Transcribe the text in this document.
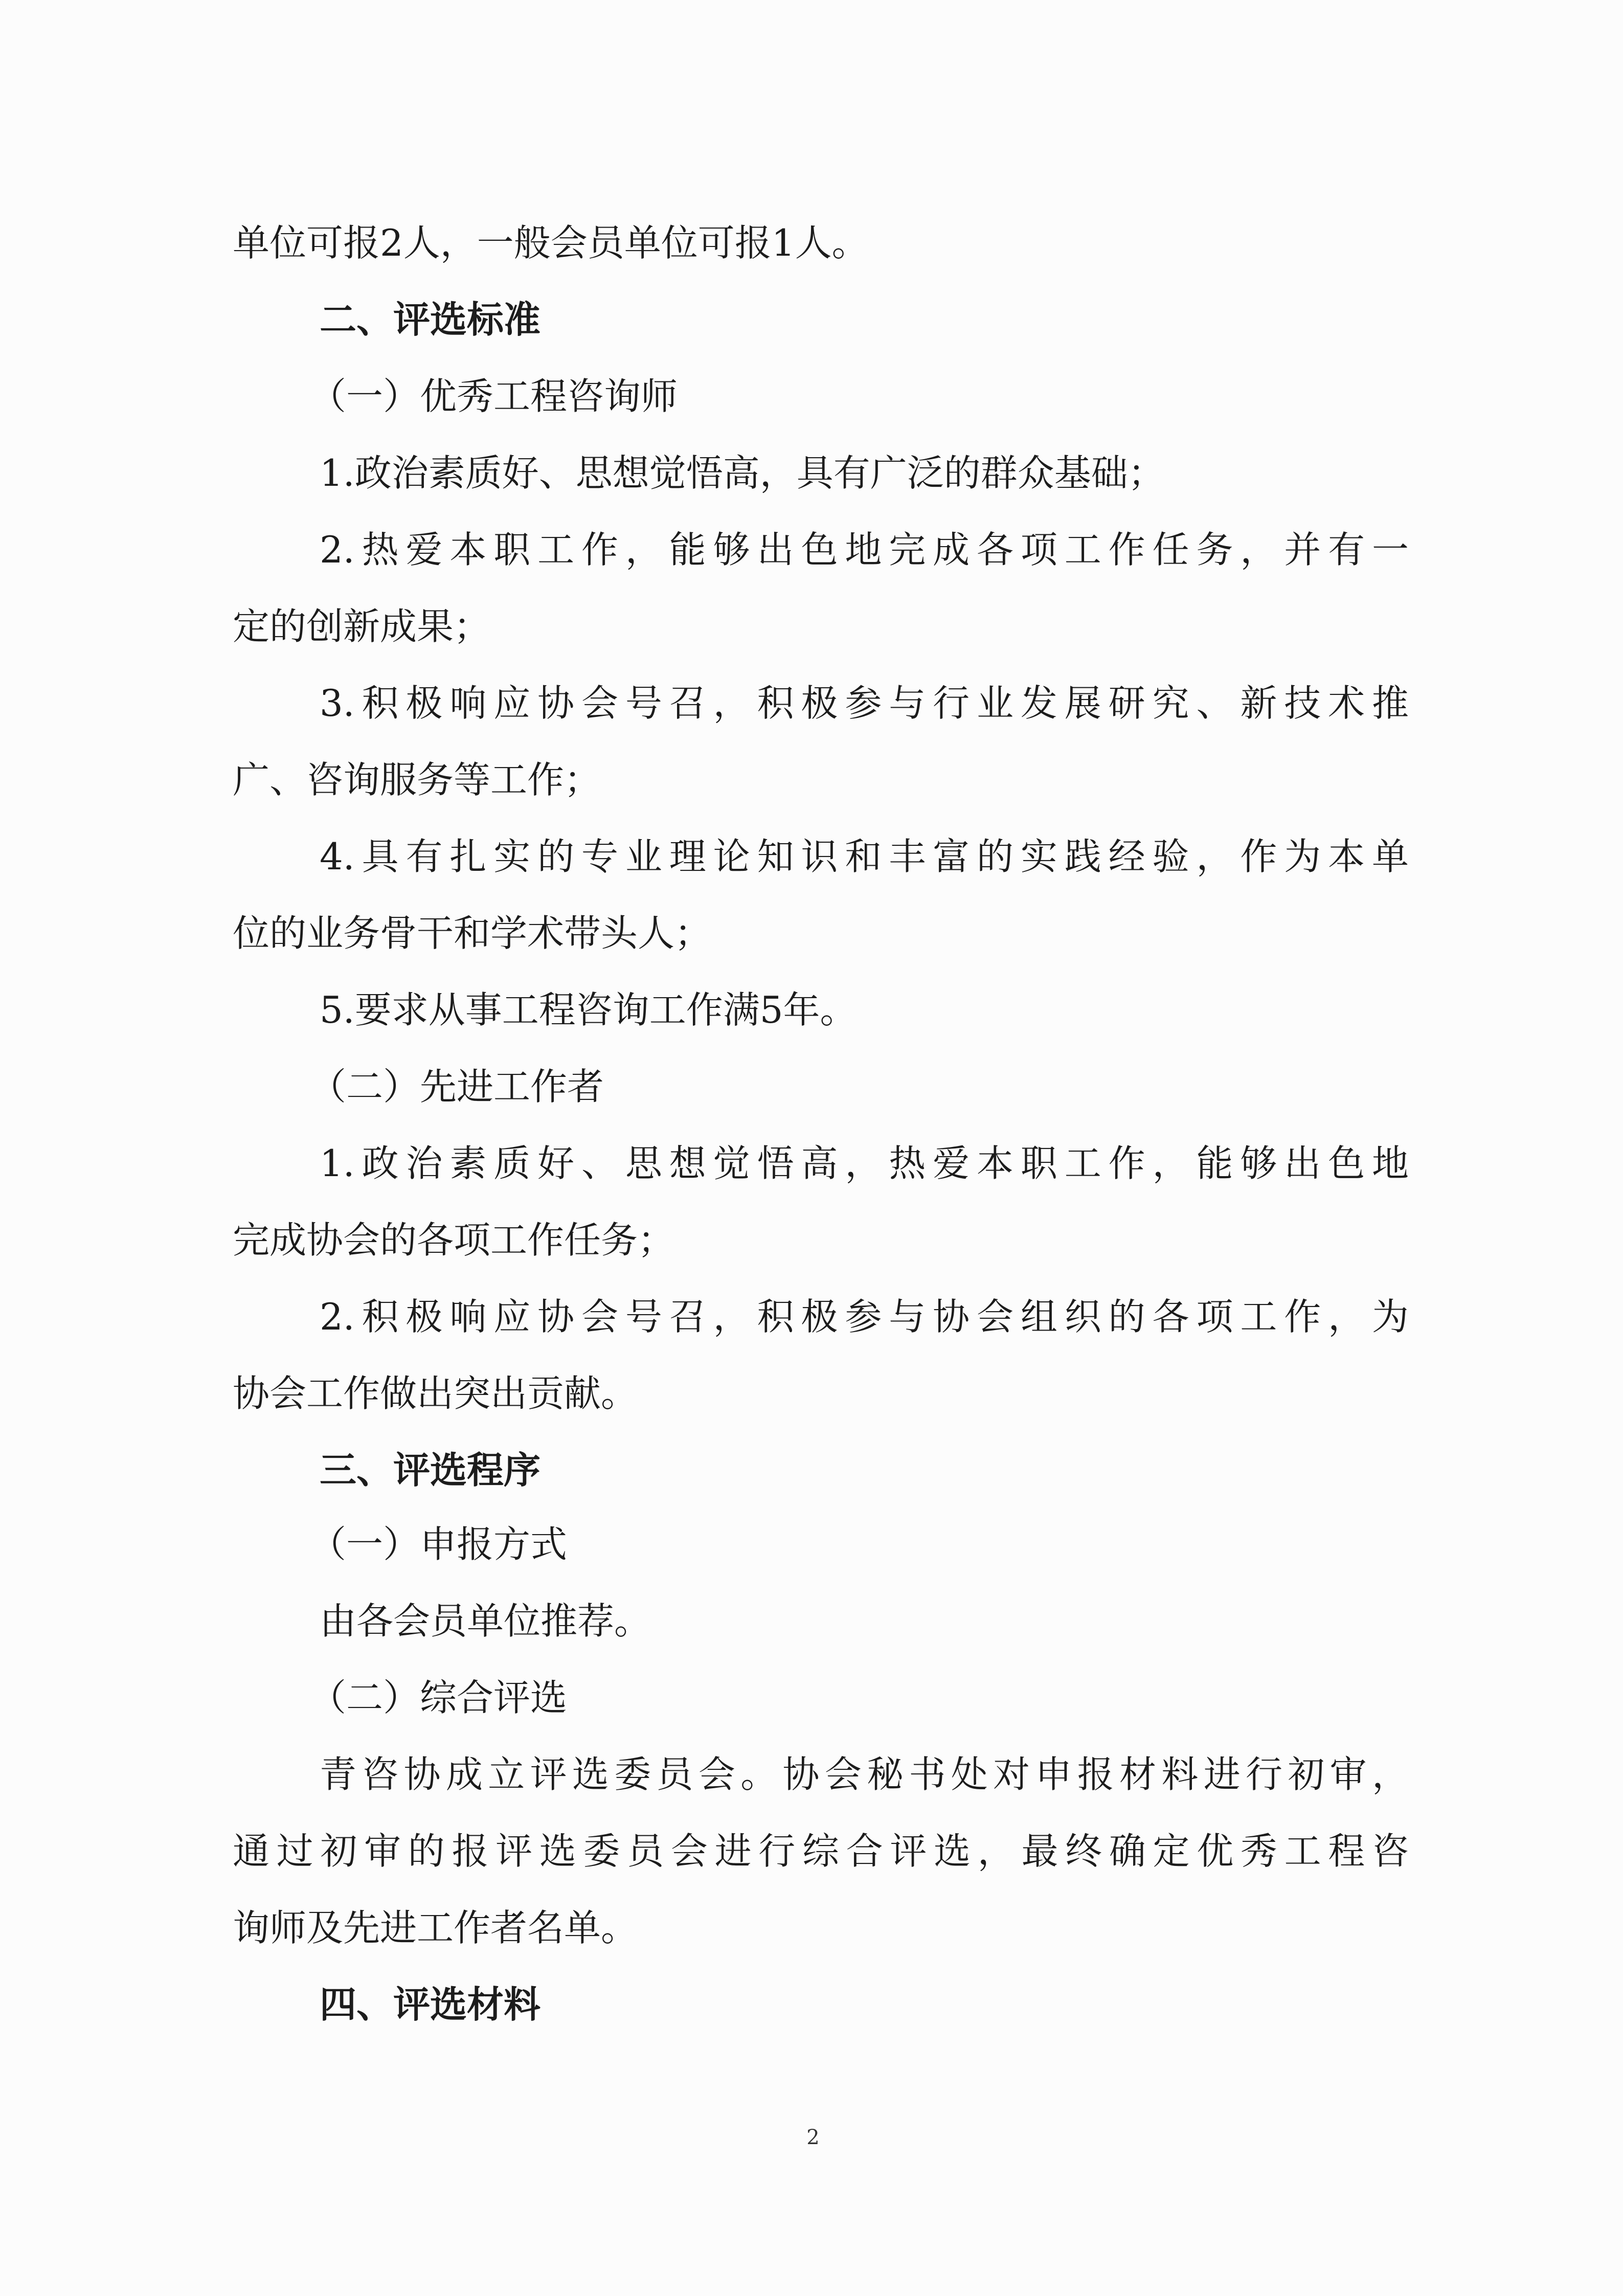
单位可报2人，一般会员单位可报1人。
二、评选标准
（一）优秀工程咨询师
1.政治素质好、思想觉悟高，具有广泛的群众基础；
2.热爱本职工作，能够出色地完成各项工作任务，并有一
定的创新成果；
3.积极响应协会号召，积极参与行业发展研究、新技术推
广、咨询服务等工作；
4.具有扎实的专业理论知识和丰富的实践经验，作为本单
位的业务骨干和学术带头人；
5.要求从事工程咨询工作满5年。
（二）先进工作者
1.政治素质好、思想觉悟高，热爱本职工作，能够出色地
完成协会的各项工作任务；
2.积极响应协会号召，积极参与协会组织的各项工作，为
协会工作做出突出贡献。
三、评选程序
（一）申报方式
由各会员单位推荐。
（二）综合评选
青咨协成立评选委员会。协会秘书处对申报材料进行初审，
通过初审的报评选委员会进行综合评选，最终确定优秀工程咨
询师及先进工作者名单。
四、评选材料
2
